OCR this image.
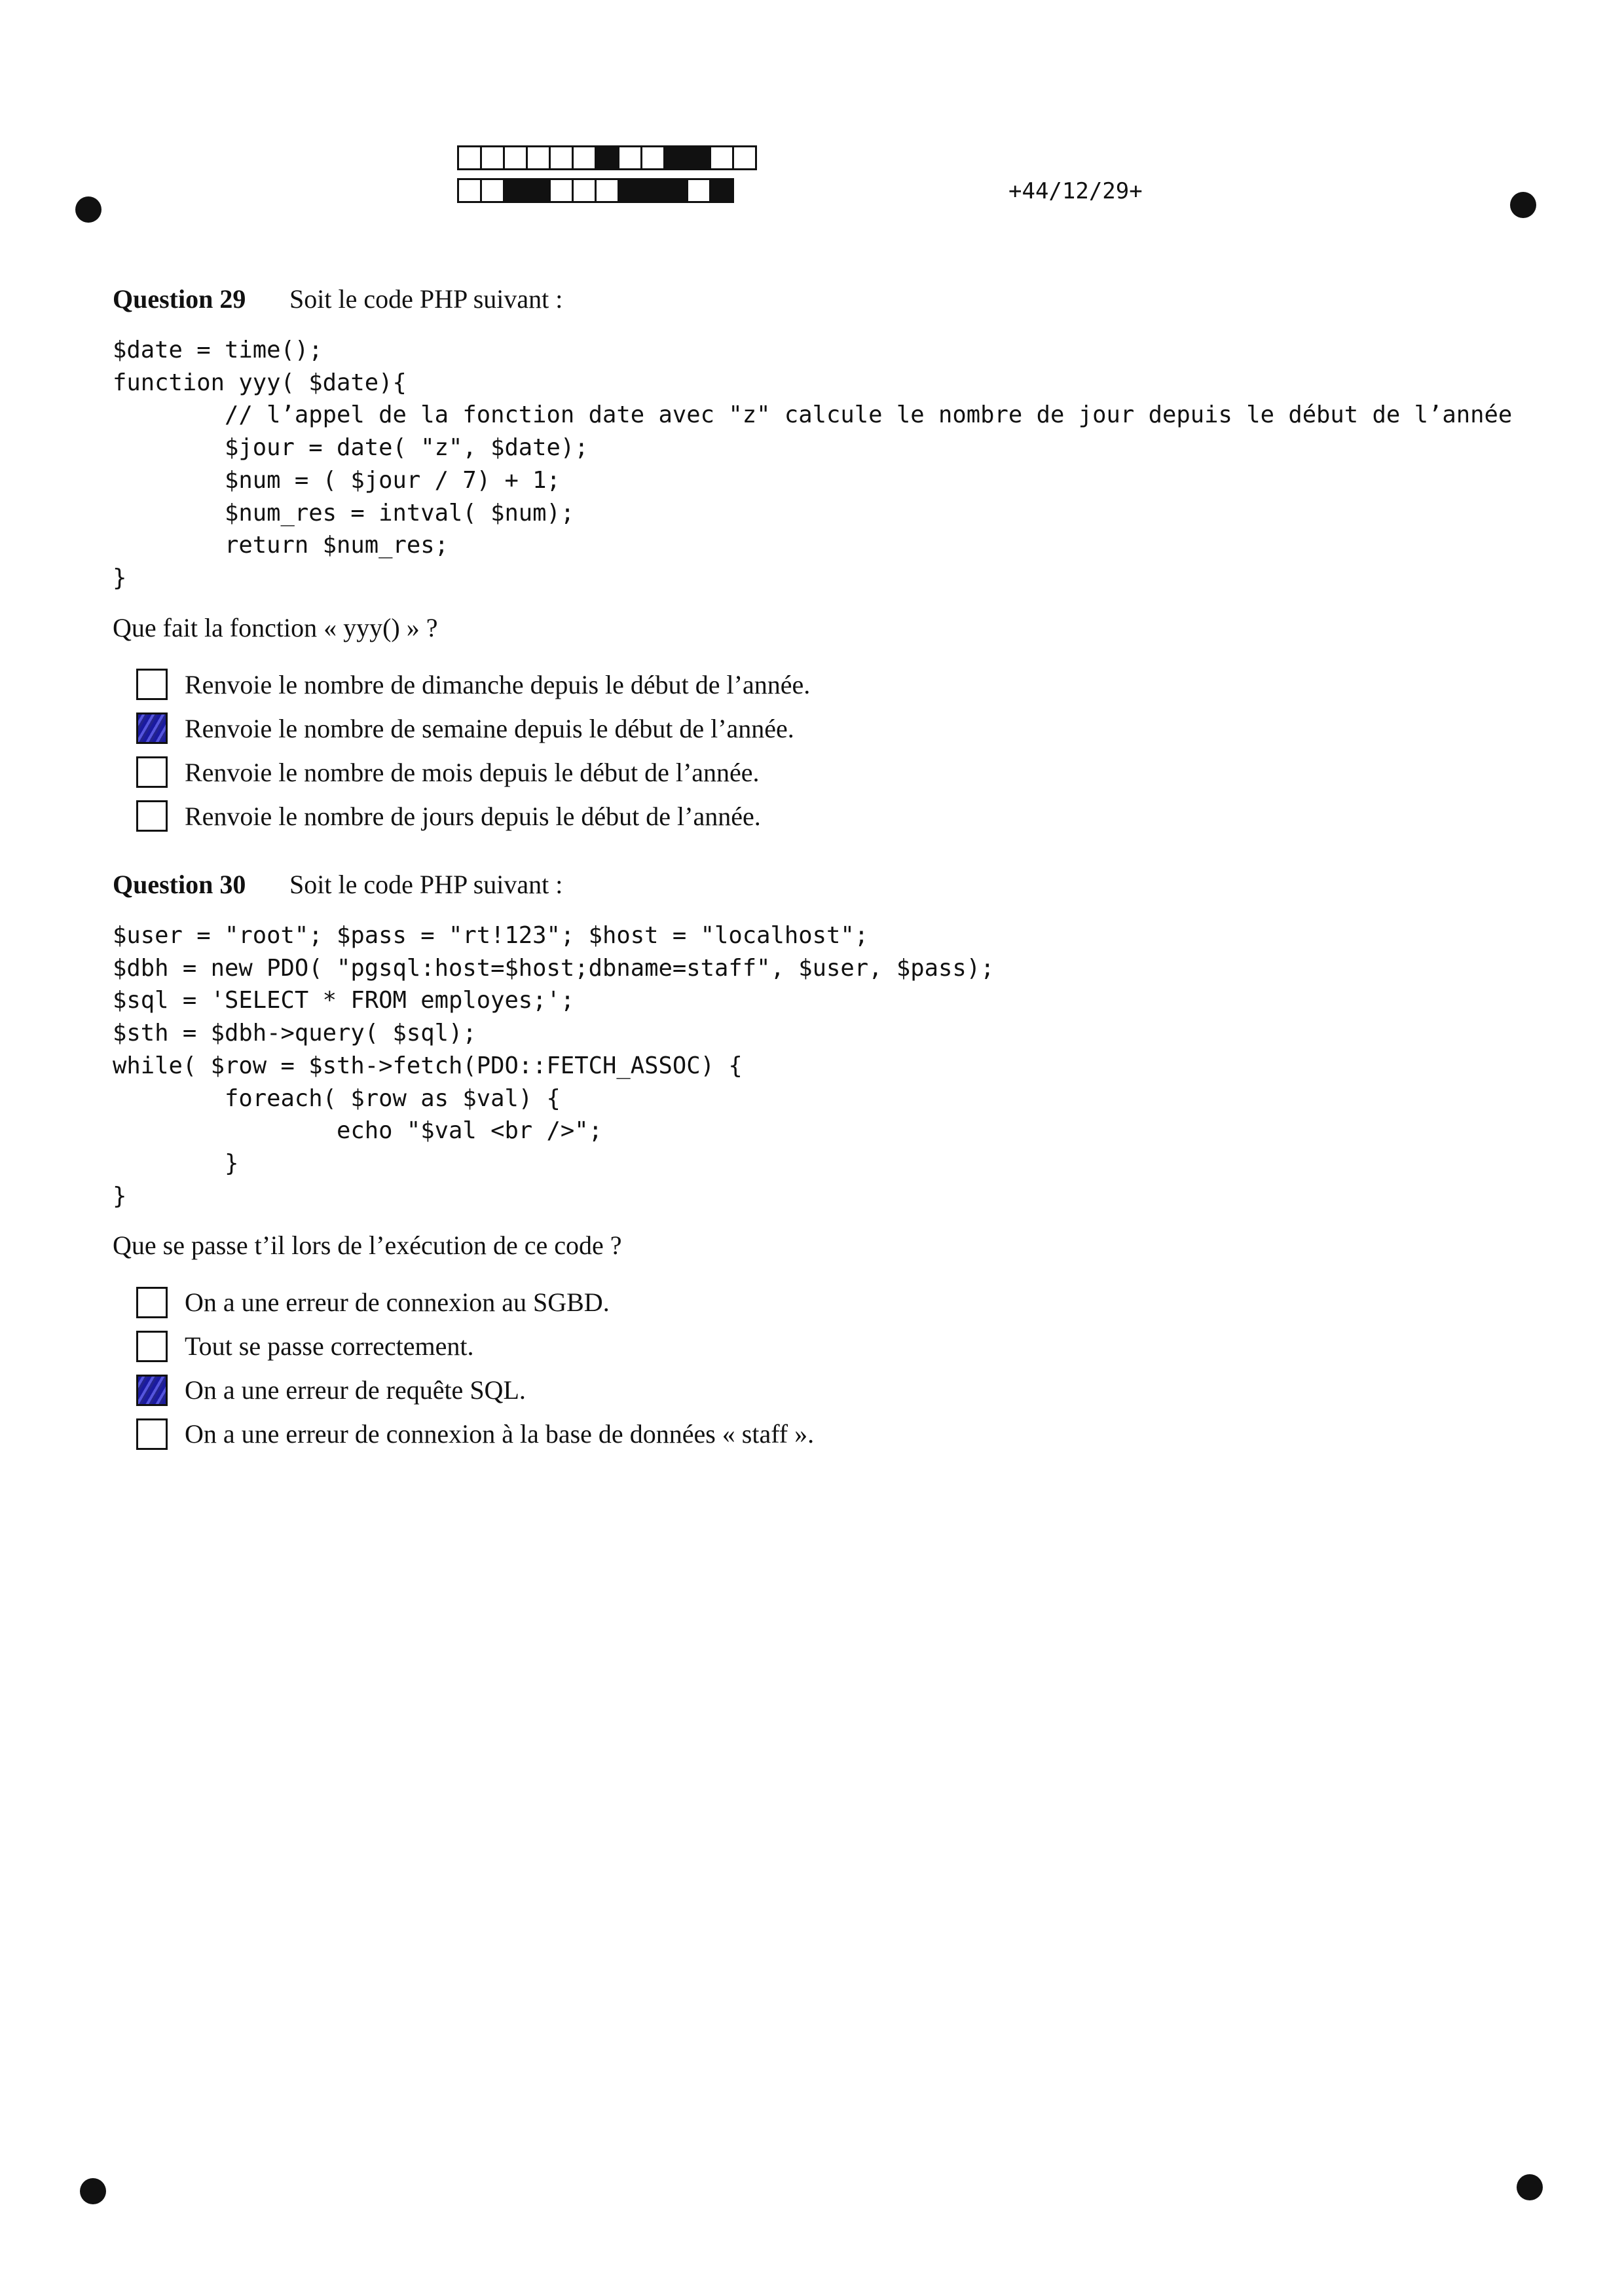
+44/12/29+
Question 29 Soit le code PHP suivant :
$date = time();
function yyy( $date){
// l’appel de la fonction date avec "z" calcule le nombre de jour depuis le début de l’année
$jour = date( "z", $date);
$num = ( $jour / 7) + 1;
$num_res = intval( $num);
return $num_res;
}
Que fait la fonction « yyy() » ?
Renvoie le nombre de dimanche depuis le début de l’année.
Renvoie le nombre de semaine depuis le début de l’année.
Renvoie le nombre de mois depuis le début de l’année.
Renvoie le nombre de jours depuis le début de l’année.
Question 30 Soit le code PHP suivant :
$user = "root"; $pass = "rt!123"; $host = "localhost";
$dbh = new PDO( "pgsql:host=$host;dbname=staff", $user, $pass);
$sql = 'SELECT * FROM employes;';
$sth = $dbh->query( $sql);
while( $row = $sth->fetch(PDO::FETCH_ASSOC) {
foreach( $row as $val) {
echo "$val <br />";
}
}
Que se passe t’il lors de l’exécution de ce code ?
On a une erreur de connexion au SGBD.
Tout se passe correctement.
On a une erreur de requête SQL.
On a une erreur de connexion à la base de données « staff ».
